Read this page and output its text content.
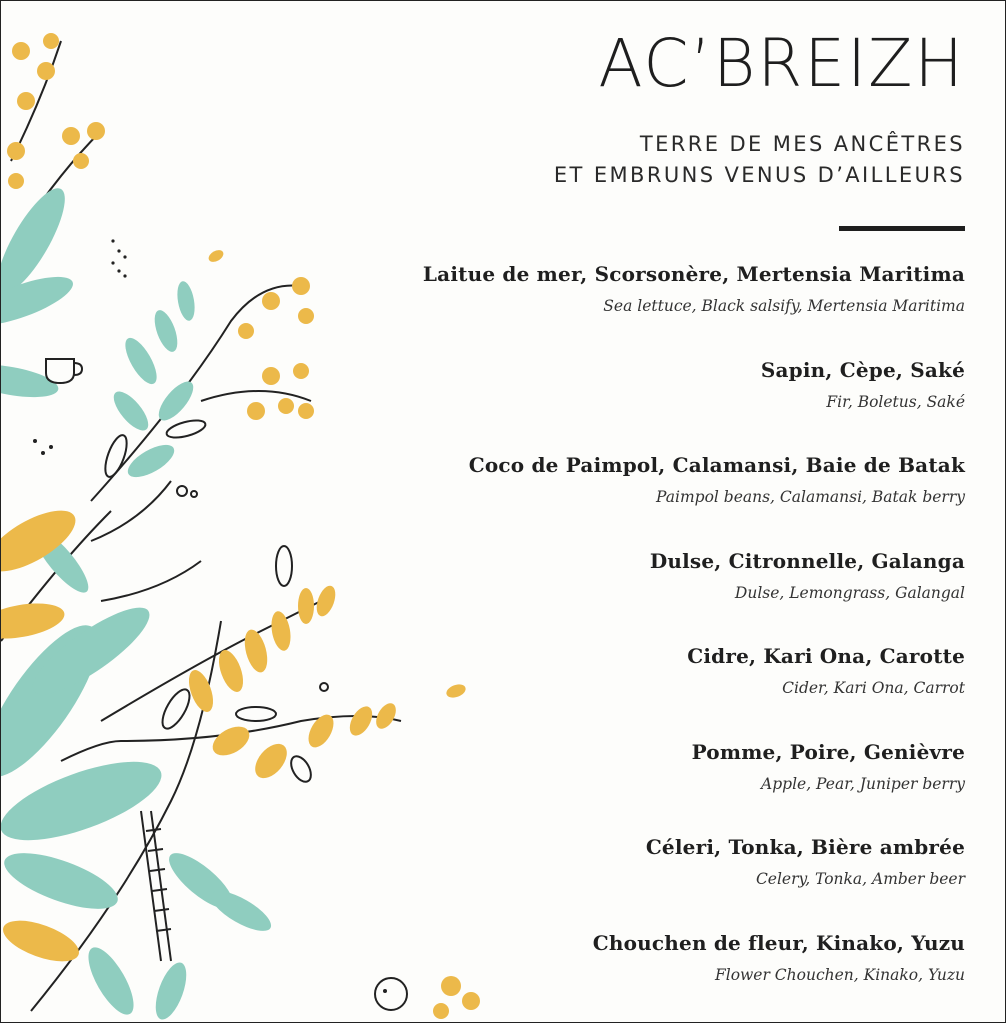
AC’BREIZH
TERRE DE MES ANCÊTRES
ET EMBRUNS VENUS D’AILLEURS
Laitue de mer, Scorsonère, Mertensia Maritima
Sea lettuce, Black salsify, Mertensia Maritima
Sapin, Cèpe, Saké
Fir, Boletus, Saké
Coco de Paimpol, Calamansi, Baie de Batak
Paimpol beans, Calamansi, Batak berry
Dulse, Citronnelle, Galanga
Dulse, Lemongrass, Galangal
Cidre, Kari Ona, Carotte
Cider, Kari Ona, Carrot
Pomme, Poire, Genièvre
Apple, Pear, Juniper berry
Céleri, Tonka, Bière ambrée
Celery, Tonka, Amber beer
Chouchen de fleur, Kinako, Yuzu
Flower Chouchen, Kinako, Yuzu
